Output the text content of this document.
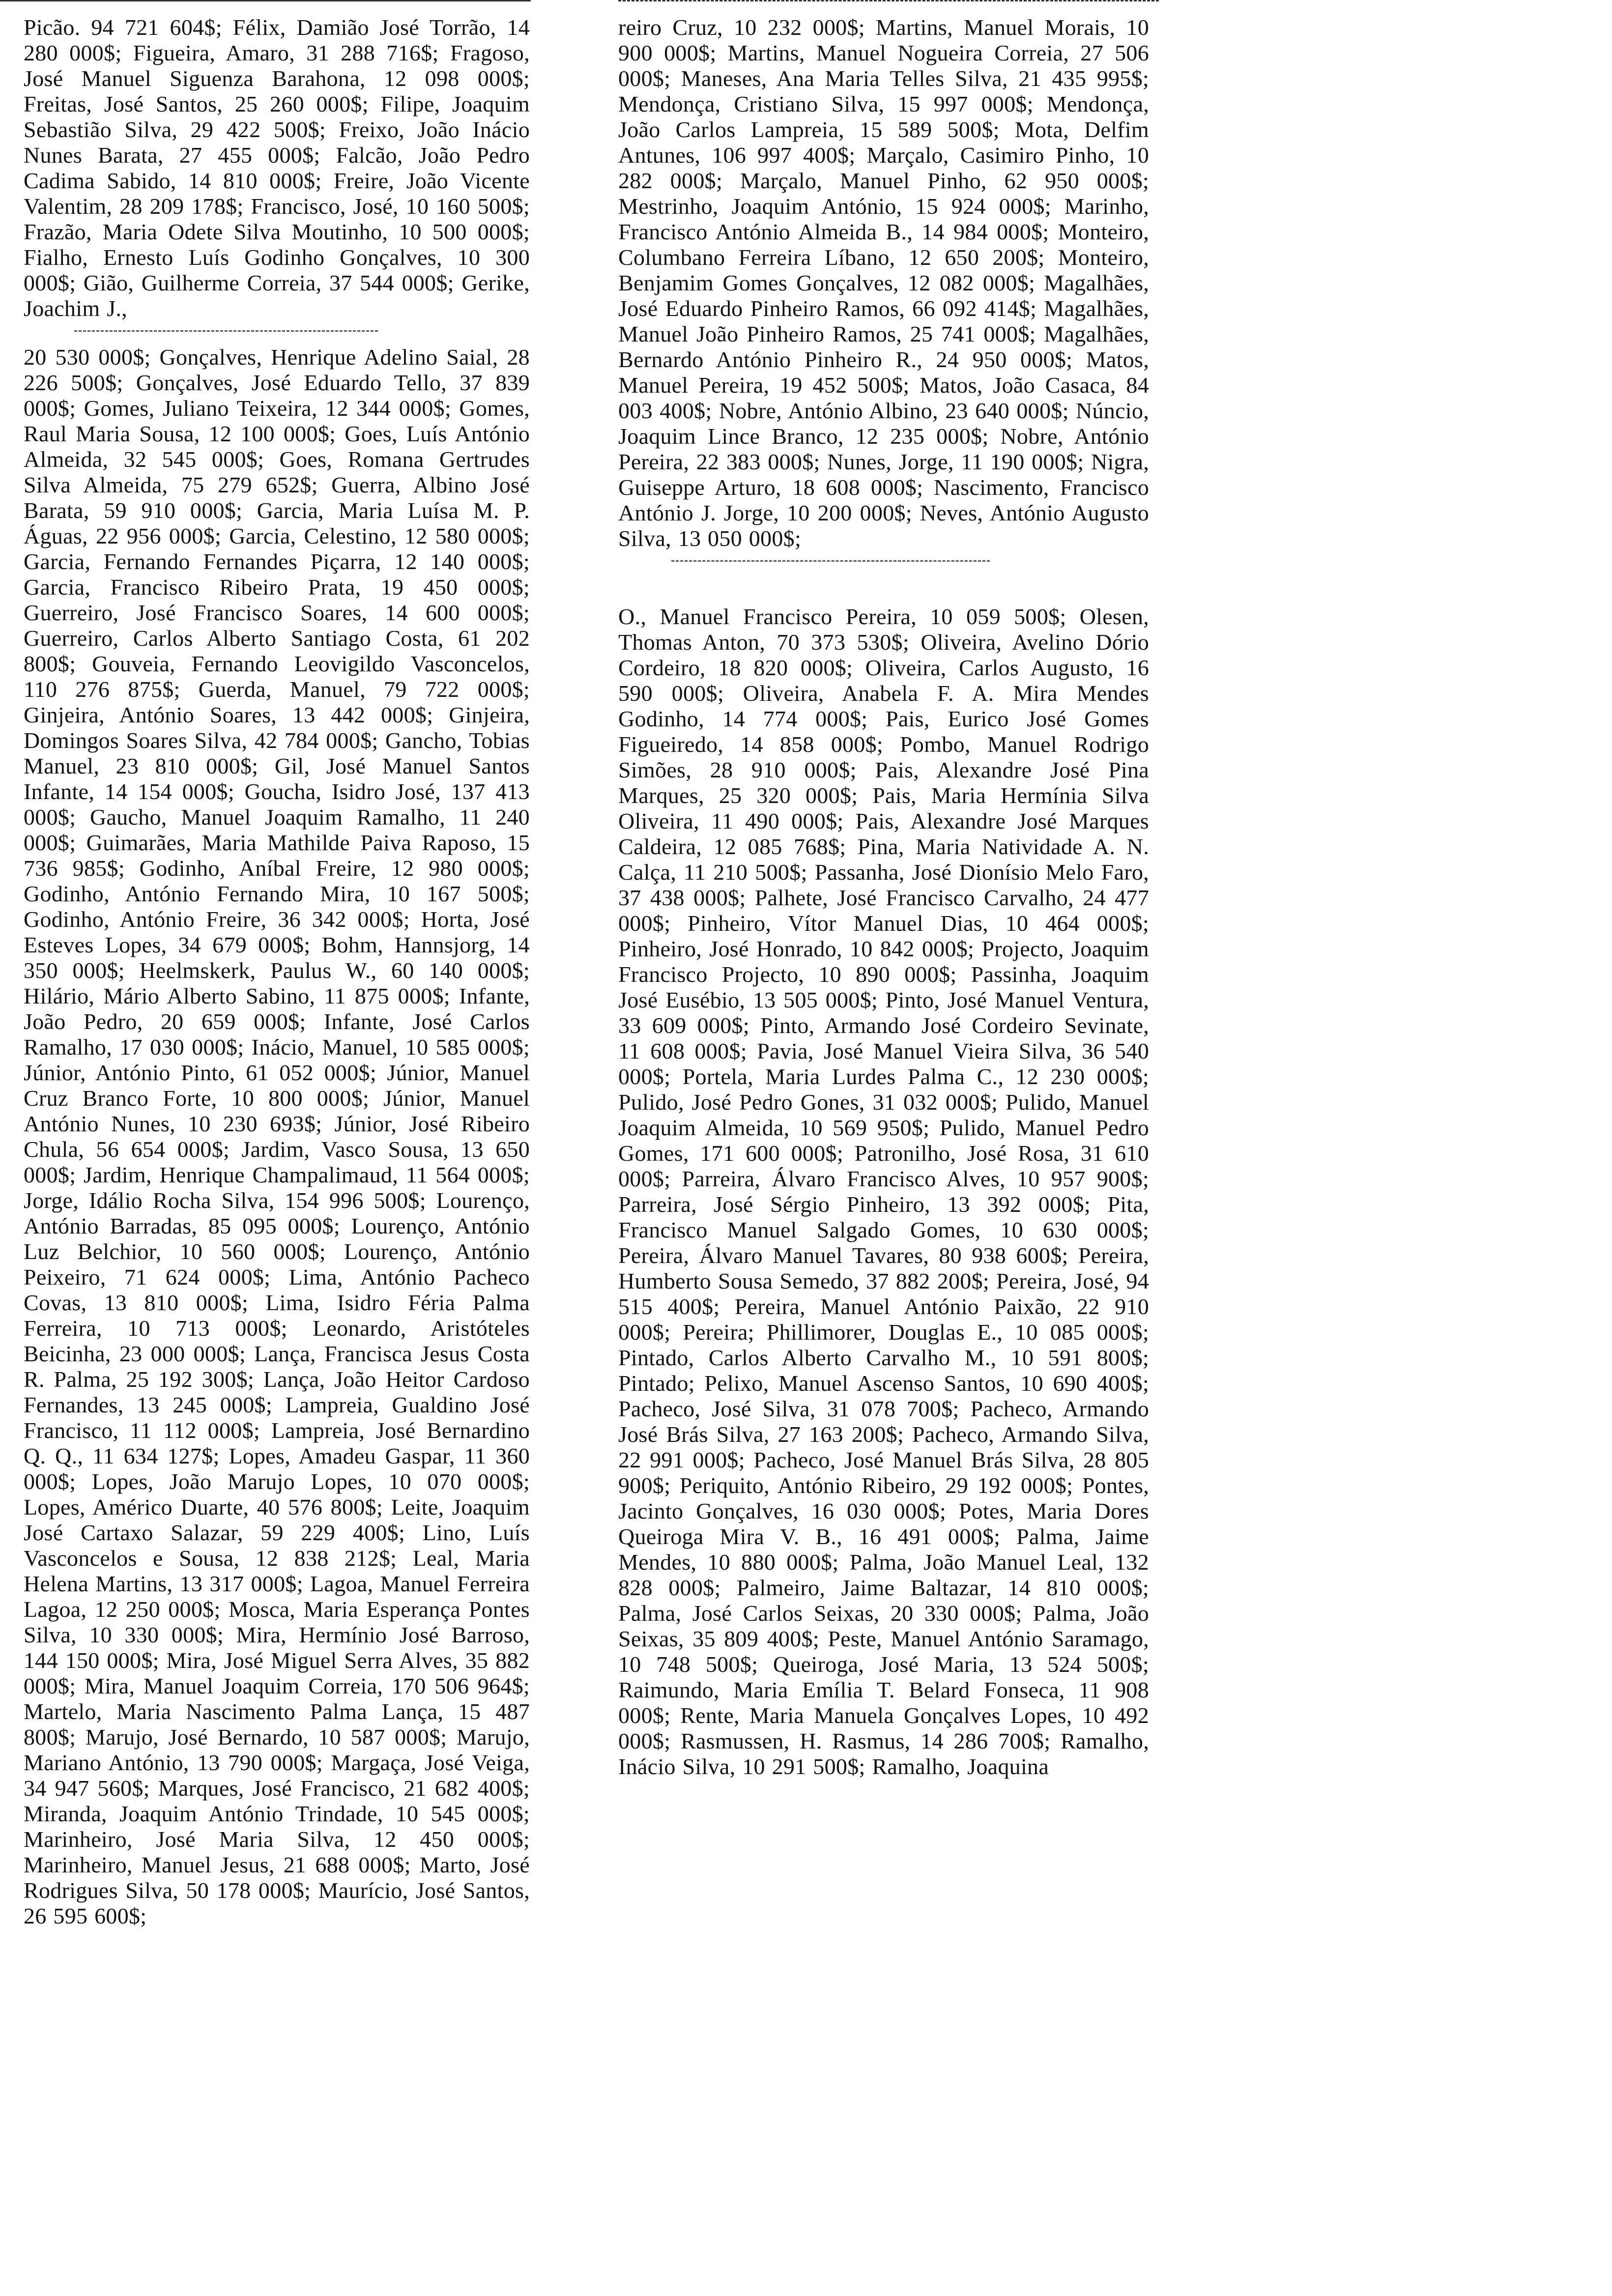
Picão. 94 721 604$; Félix, Damião José Torrão, 14 280 000$; Figueira, Amaro, 31 288 716$; Fragoso, José Manuel Siguenza Barahona, 12 098 000$; Freitas, José Santos, 25 260 000$; Filipe, Joaquim Sebastião Silva, 29 422 500$; Freixo, João Inácio Nunes Barata, 27 455 000$; Falcão, João Pedro Cadima Sabido, 14 810 000$; Freire, João Vicente Valentim, 28 209 178$; Francisco, José, 10 160 500$; Frazão, Maria Odete Silva Moutinho, 10 500 000$; Fialho, Ernesto Luís Godinho Gonçalves, 10 300 000$; Gião, Guilherme Correia, 37 544 000$; Gerike, Joachim J.,

20 530 000$; Gonçalves, Henrique Adelino Saial, 28 226 500$; Gonçalves, José Eduardo Tello, 37 839 000$; Gomes, Juliano Teixeira, 12 344 000$; Gomes, Raul Maria Sousa, 12 100 000$; Goes, Luís António Almeida, 32 545 000$; Goes, Romana Gertrudes Silva Almeida, 75 279 652$; Guerra, Albino José Barata, 59 910 000$; Garcia, Maria Luísa M. P. Águas, 22 956 000$; Garcia, Celestino, 12 580 000$; Garcia, Fernando Fernandes Piçarra, 12 140 000$; Garcia, Francisco Ribeiro Prata, 19 450 000$; Guerreiro, José Francisco Soares, 14 600 000$; Guerreiro, Carlos Alberto Santiago Costa, 61 202 800$; Gouveia, Fernando Leovigildo Vasconcelos, 110 276 875$; Guerda, Manuel, 79 722 000$; Ginjeira, António Soares, 13 442 000$; Ginjeira, Domingos Soares Silva, 42 784 000$; Gancho, Tobias Manuel, 23 810 000$; Gil, José Manuel Santos Infante, 14 154 000$; Goucha, Isidro José, 137 413 000$; Gaucho, Manuel Joaquim Ramalho, 11 240 000$; Guimarães, Maria Mathilde Paiva Raposo, 15 736 985$; Godinho, Aníbal Freire, 12 980 000$; Godinho, António Fernando Mira, 10 167 500$; Godinho, António Freire, 36 342 000$; Horta, José Esteves Lopes, 34 679 000$; Bohm, Hannsjorg, 14 350 000$; Heelmskerk, Paulus W., 60 140 000$; Hilário, Mário Alberto Sabino, 11 875 000$; Infante, João Pedro, 20 659 000$; Infante, José Carlos Ramalho, 17 030 000$; Inácio, Manuel, 10 585 000$; Júnior, António Pinto, 61 052 000$; Júnior, Manuel Cruz Branco Forte, 10 800 000$; Júnior, Manuel António Nunes, 10 230 693$; Júnior, José Ribeiro Chula, 56 654 000$; Jardim, Vasco Sousa, 13 650 000$; Jardim, Henrique Champalimaud, 11 564 000$; Jorge, Idálio Rocha Silva, 154 996 500$; Lourenço, António Barradas, 85 095 000$; Lourenço, António Luz Belchior, 10 560 000$; Lourenço, António Peixeiro, 71 624 000$; Lima, António Pacheco Covas, 13 810 000$; Lima, Isidro Féria Palma Ferreira, 10 713 000$; Leonardo, Aristóteles Beicinha, 23 000 000$; Lança, Francisca Jesus Costa R. Palma, 25 192 300$; Lança, João Heitor Cardoso Fernandes, 13 245 000$; Lampreia, Gualdino José Francisco, 11 112 000$; Lampreia, José Bernardino Q. Q., 11 634 127$; Lopes, Amadeu Gaspar, 11 360 000$; Lopes, João Marujo Lopes, 10 070 000$; Lopes, Américo Duarte, 40 576 800$; Leite, Joaquim José Cartaxo Salazar, 59 229 400$; Lino, Luís Vasconcelos e Sousa, 12 838 212$; Leal, Maria Helena Martins, 13 317 000$; Lagoa, Manuel Ferreira Lagoa, 12 250 000$; Mosca, Maria Esperança Pontes Silva, 10 330 000$; Mira, Hermínio José Barroso, 144 150 000$; Mira, José Miguel Serra Alves, 35 882 000$; Mira, Manuel Joaquim Correia, 170 506 964$; Martelo, Maria Nascimento Palma Lança, 15 487 800$; Marujo, José Bernardo, 10 587 000$; Marujo, Mariano António, 13 790 000$; Margaça, José Veiga, 34 947 560$; Marques, José Francisco, 21 682 400$; Miranda, Joaquim António Trindade, 10 545 000$; Marinheiro, José Maria Silva, 12 450 000$; Marinheiro, Manuel Jesus, 21 688 000$; Marto, José Rodrigues Silva, 50 178 000$; Maurício, José Santos, 26 595 600$;

reiro Cruz, 10 232 000$; Martins, Manuel Morais, 10 900 000$; Martins, Manuel Nogueira Correia, 27 506 000$; Maneses, Ana Maria Telles Silva, 21 435 995$; Mendonça, Cristiano Silva, 15 997 000$; Mendonça, João Carlos Lampreia, 15 589 500$; Mota, Delfim Antunes, 106 997 400$; Marçalo, Casimiro Pinho, 10 282 000$; Marçalo, Manuel Pinho, 62 950 000$; Mestrinho, Joaquim António, 15 924 000$; Marinho, Francisco António Almeida B., 14 984 000$; Monteiro, Columbano Ferreira Líbano, 12 650 200$; Monteiro, Benjamim Gomes Gonçalves, 12 082 000$; Magalhães, José Eduardo Pinheiro Ramos, 66 092 414$; Magalhães, Manuel João Pinheiro Ramos, 25 741 000$; Magalhães, Bernardo António Pinheiro R., 24 950 000$; Matos, Manuel Pereira, 19 452 500$; Matos, João Casaca, 84 003 400$; Nobre, António Albino, 23 640 000$; Núncio, Joaquim Lince Branco, 12 235 000$; Nobre, António Pereira, 22 383 000$; Nunes, Jorge, 11 190 000$; Nigra, Guiseppe Arturo, 18 608 000$; Nascimento, Francisco António J. Jorge, 10 200 000$; Neves, António Augusto Silva, 13 050 000$;

O., Manuel Francisco Pereira, 10 059 500$; Olesen, Thomas Anton, 70 373 530$; Oliveira, Avelino Dório Cordeiro, 18 820 000$; Oliveira, Carlos Augusto, 16 590 000$; Oliveira, Anabela F. A. Mira Mendes Godinho, 14 774 000$; Pais, Eurico José Gomes Figueiredo, 14 858 000$; Pombo, Manuel Rodrigo Simões, 28 910 000$; Pais, Alexandre José Pina Marques, 25 320 000$; Pais, Maria Hermínia Silva Oliveira, 11 490 000$; Pais, Alexandre José Marques Caldeira, 12 085 768$; Pina, Maria Natividade A. N. Calça, 11 210 500$; Passanha, José Dionísio Melo Faro, 37 438 000$; Palhete, José Francisco Carvalho, 24 477 000$; Pinheiro, Vítor Manuel Dias, 10 464 000$; Pinheiro, José Honrado, 10 842 000$; Projecto, Joaquim Francisco Projecto, 10 890 000$; Passinha, Joaquim José Eusébio, 13 505 000$; Pinto, José Manuel Ventura, 33 609 000$; Pinto, Armando José Cordeiro Sevinate, 11 608 000$; Pavia, José Manuel Vieira Silva, 36 540 000$; Portela, Maria Lurdes Palma C., 12 230 000$; Pulido, José Pedro Gones, 31 032 000$; Pulido, Manuel Joaquim Almeida, 10 569 950$; Pulido, Manuel Pedro Gomes, 171 600 000$; Patronilho, José Rosa, 31 610 000$; Parreira, Álvaro Francisco Alves, 10 957 900$; Parreira, José Sérgio Pinheiro, 13 392 000$; Pita, Francisco Manuel Salgado Gomes, 10 630 000$; Pereira, Álvaro Manuel Tavares, 80 938 600$; Pereira, Humberto Sousa Semedo, 37 882 200$; Pereira, José, 94 515 400$; Pereira, Manuel António Paixão, 22 910 000$; Pereira; Phillimorer, Douglas E., 10 085 000$; Pintado, Carlos Alberto Carvalho M., 10 591 800$; Pintado; Pelixo, Manuel Ascenso Santos, 10 690 400$; Pacheco, José Silva, 31 078 700$; Pacheco, Armando José Brás Silva, 27 163 200$; Pacheco, Armando Silva, 22 991 000$; Pacheco, José Manuel Brás Silva, 28 805 900$; Periquito, António Ribeiro, 29 192 000$; Pontes, Jacinto Gonçalves, 16 030 000$; Potes, Maria Dores Queiroga Mira V. B., 16 491 000$; Palma, Jaime Mendes, 10 880 000$; Palma, João Manuel Leal, 132 828 000$; Palmeiro, Jaime Baltazar, 14 810 000$; Palma, José Carlos Seixas, 20 330 000$; Palma, João Seixas, 35 809 400$; Peste, Manuel António Saramago, 10 748 500$; Queiroga, José Maria, 13 524 500$; Raimundo, Maria Emília T. Belard Fonseca, 11 908 000$; Rente, Maria Manuela Gonçalves Lopes, 10 492 000$; Rasmussen, H. Rasmus, 14 286 700$; Ramalho, Inácio Silva, 10 291 500$; Ramalho, Joaquina
